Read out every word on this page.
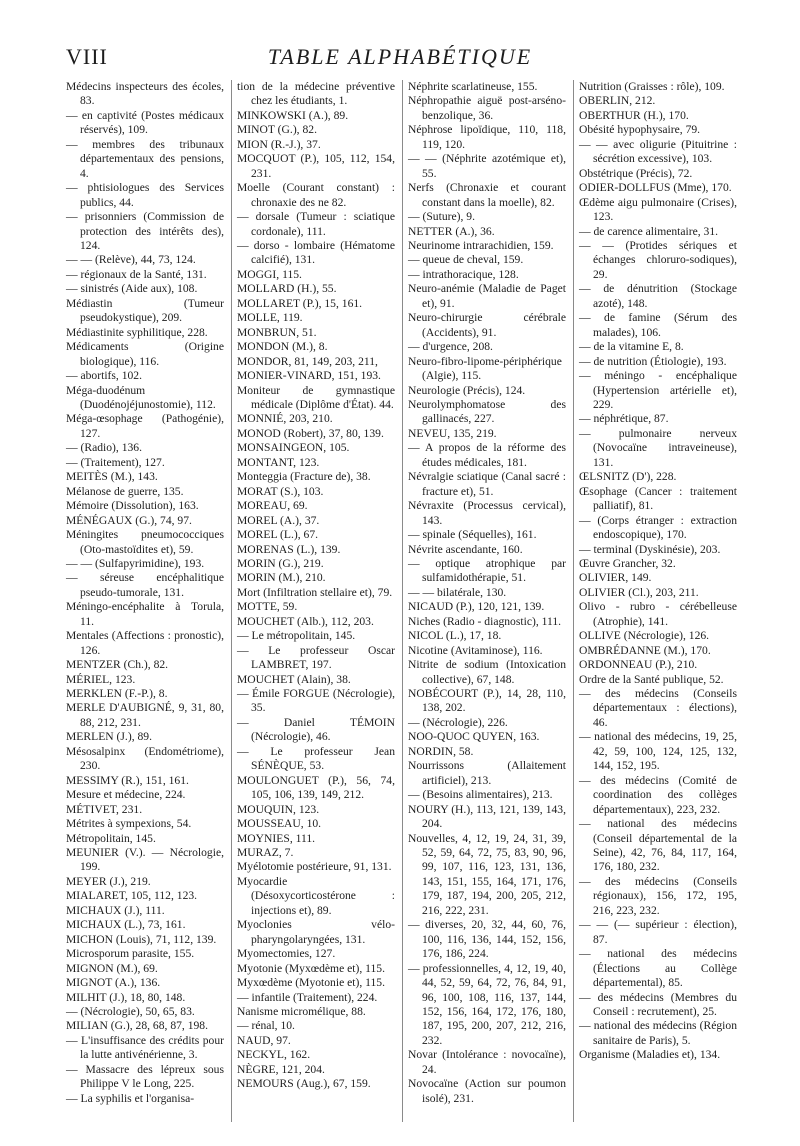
VIII	TABLE ALPHABÉTIQUE

Médecins inspecteurs des écoles, 83.

— en captivité (Postes médicaux réservés), 109.

— membres des tribunaux départementaux des pensions, 4.

— phtisiologues des Services publics, 44.

— prisonniers (Commission de protection des intérêts des), 124.

— — (Relève), 44, 73, 124.

— régionaux de la Santé, 131.

— sinistrés (Aide aux), 108.

Médiastin (Tumeur pseudokystique), 209.

Médiastinite syphilitique, 228.

Médicaments (Origine biologique), 116.

— abortifs, 102.

Méga-duodénum (Duodénojéjunostomie), 112.

Méga-œsophage (Pathogénie), 127.

— (Radio), 136.

— (Traitement), 127.

MEITÈS (M.), 143.

Mélanose de guerre, 135.

Mémoire (Dissolution), 163.

MÉNÉGAUX (G.), 74, 97.

Méningites pneumococciques (Oto-mastoïdites et), 59.

— — (Sulfapyrimidine), 193.

— séreuse encéphalitique pseudo-tumorale, 131.

Méningo-encéphalite à Torula, 11.

Mentales (Affections : pronostic), 126.

MENTZER (Ch.), 82.

MÉRIEL, 123.

MERKLEN (F.-P.), 8.

MERLE D'AUBIGNÉ, 9, 31, 80, 88, 212, 231.

MERLEN (J.), 89.

Mésosalpinx (Endométriome), 230.

MESSIMY (R.), 151, 161.

Mesure et médecine, 224.

MÉTIVET, 231.

Métrites à sympexions, 54.

Métropolitain, 145.

MEUNIER (V.). — Nécrologie, 199.

MEYER (J.), 219.

MIALARET, 105, 112, 123.

MICHAUX (J.), 111.

MICHAUX (L.), 73, 161.

MICHON (Louis), 71, 112, 139.

Microsporum parasite, 155.

MIGNON (M.), 69.

MIGNOT (A.), 136.

MILHIT (J.), 18, 80, 148.

— (Nécrologie), 50, 65, 83.

MILIAN (G.), 28, 68, 87, 198.

— L'insuffisance des crédits pour la lutte antivénérienne, 3.

— Massacre des lépreux sous Philippe V le Long, 225.

— La syphilis et l'organisa-

tion de la médecine préventive chez les étudiants, 1.

MINKOWSKI (A.), 89.

MINOT (G.), 82.

MION (R.-J.), 37.

MOCQUOT (P.), 105, 112, 154, 231.

Moelle (Courant constant) : chronaxie des ne 82.

— dorsale (Tumeur : sciatique cordonale), 111.

— dorso - lombaire (Hématome calcifié), 131.

MOGGI, 115.

MOLLARD (H.), 55.

MOLLARET (P.), 15, 161.

MOLLE, 119.

MONBRUN, 51.

MONDON (M.), 8.

MONDOR, 81, 149, 203, 211,

MONIER-VINARD, 151, 193.

Moniteur de gymnastique médicale (Diplôme d'État). 44.

MONNIÉ, 203, 210.

MONOD (Robert), 37, 80, 139.

MONSAINGEON, 105.

MONTANT, 123.

Monteggia (Fracture de), 38.

MORAT (S.), 103.

MOREAU, 69.

MOREL (A.), 37.

MOREL (L.), 67.

MORENAS (L.), 139.

MORIN (G.), 219.

MORIN (M.), 210.

Mort (Infiltration stellaire et), 79.

MOTTE, 59.

MOUCHET (Alb.), 112, 203.

— Le métropolitain, 145.

— Le professeur Oscar LAMBRET, 197.

MOUCHET (Alain), 38.

— Émile FORGUE (Nécrologie), 35.

— Daniel TÉMOIN (Nécrologie), 46.

— Le professeur Jean SÉNÈQUE, 53.

MOULONGUET (P.), 56, 74, 105, 106, 139, 149, 212.

MOUQUIN, 123.

MOUSSEAU, 10.

MOYNIES, 111.

MURAZ, 7.

Myélotomie postérieure, 91, 131.

Myocardie (Désoxycorticostérone : injections et), 89.

Myoclonies vélo-pharyngolaryngées, 131.

Myomectomies, 127.

Myotonie (Myxœdème et), 115.

Myxœdème (Myotonie et), 115.

— infantile (Traitement), 224.

Nanisme micromélique, 88.

— rénal, 10.

NAUD, 97.

NECKYL, 162.

NÈGRE, 121, 204.

NEMOURS (Aug.), 67, 159.

Néphrite scarlatineuse, 155.

Néphropathie aiguë post-arséno-benzolique, 36.

Néphrose lipoïdique, 110, 118, 119, 120.

— — (Néphrite azotémique et), 55.

Nerfs (Chronaxie et courant constant dans la moelle), 82.

— (Suture), 9.

NETTER (A.), 36.

Neurinome intrarachidien, 159.

— queue de cheval, 159.

— intrathoracique, 128.

Neuro-anémie (Maladie de Paget et), 91.

Neuro-chirurgie cérébrale (Accidents), 91.

— d'urgence, 208.

Neuro-fibro-lipome-périphérique (Algie), 115.

Neurologie (Précis), 124.

Neurolymphomatose des gallinacés, 227.

NEVEU, 135, 219.

— A propos de la réforme des études médicales, 181.

Névralgie sciatique (Canal sacré : fracture et), 51.

Névraxite (Processus cervical), 143.

— spinale (Séquelles), 161.

Névrite ascendante, 160.

— optique atrophique par sulfamidothérapie, 51.

— — bilatérale, 130.

NICAUD (P.), 120, 121, 139.

Niches (Radio - diagnostic), 111.

NICOL (L.), 17, 18.

Nicotine (Avitaminose), 116.

Nitrite de sodium (Intoxication collective), 67, 148.

NOBÉCOURT (P.), 14, 28, 110, 138, 202.

— (Nécrologie), 226.

NOO-QUOC QUYEN, 163.

NORDIN, 58.

Nourrissons (Allaitement artificiel), 213.

— (Besoins alimentaires), 213.

NOURY (H.), 113, 121, 139, 143, 204.

Nouvelles, 4, 12, 19, 24, 31, 39, 52, 59, 64, 72, 75, 83, 90, 96, 99, 107, 116, 123, 131, 136, 143, 151, 155, 164, 171, 176, 179, 187, 194, 200, 205, 212, 216, 222, 231.

— diverses, 20, 32, 44, 60, 76, 100, 116, 136, 144, 152, 156, 176, 186, 224.

— professionnelles, 4, 12, 19, 40, 44, 52, 59, 64, 72, 76, 84, 91, 96, 100, 108, 116, 137, 144, 152, 156, 164, 172, 176, 180, 187, 195, 200, 207, 212, 216, 232.

Novar (Intolérance : novocaïne), 24.

Novocaïne (Action sur poumon isolé), 231.

Nutrition (Graisses : rôle), 109.

OBERLIN, 212.

OBERTHUR (H.), 170.

Obésité hypophysaire, 79.

— — avec oligurie (Pituitrine : sécrétion excessive), 103.

Obstétrique (Précis), 72.

ODIER-DOLLFUS (Mme), 170.

Œdème aigu pulmonaire (Crises), 123.

— de carence alimentaire, 31.

— — (Protides sériques et échanges chloruro-sodiques), 29.

— de dénutrition (Stockage azoté), 148.

— de famine (Sérum des malades), 106.

— de la vitamine E, 8.

— de nutrition (Étiologie), 193.

— méningo - encéphalique (Hypertension artérielle et), 229.

— néphrétique, 87.

— pulmonaire nerveux (Novocaïne intraveineuse), 131.

ŒLSNITZ (D'), 228.

Œsophage (Cancer : traitement palliatif), 81.

— (Corps étranger : extraction endoscopique), 170.

— terminal (Dyskinésie), 203.

Œuvre Grancher, 32.

OLIVIER, 149.

OLIVIER (Cl.), 203, 211.

Olivo - rubro - cérébelleuse (Atrophie), 141.

OLLIVE (Nécrologie), 126.

OMBRÉDANNE (M.), 170.

ORDONNEAU (P.), 210.

Ordre de la Santé publique, 52.

— des médecins (Conseils départementaux : élections), 46.

— national des médecins, 19, 25, 42, 59, 100, 124, 125, 132, 144, 152, 195.

— des médecins (Comité de coordination des collèges départementaux), 223, 232.

— national des médecins (Conseil départemental de la Seine), 42, 76, 84, 117, 164, 176, 180, 232.

— des médecins (Conseils régionaux), 156, 172, 195, 216, 223, 232.

— — (— supérieur : élection), 87.

— national des médecins (Élections au Collège départemental), 85.

— des médecins (Membres du Conseil : recrutement), 25.

— national des médecins (Région sanitaire de Paris), 5.

Organisme (Maladies et), 134.
